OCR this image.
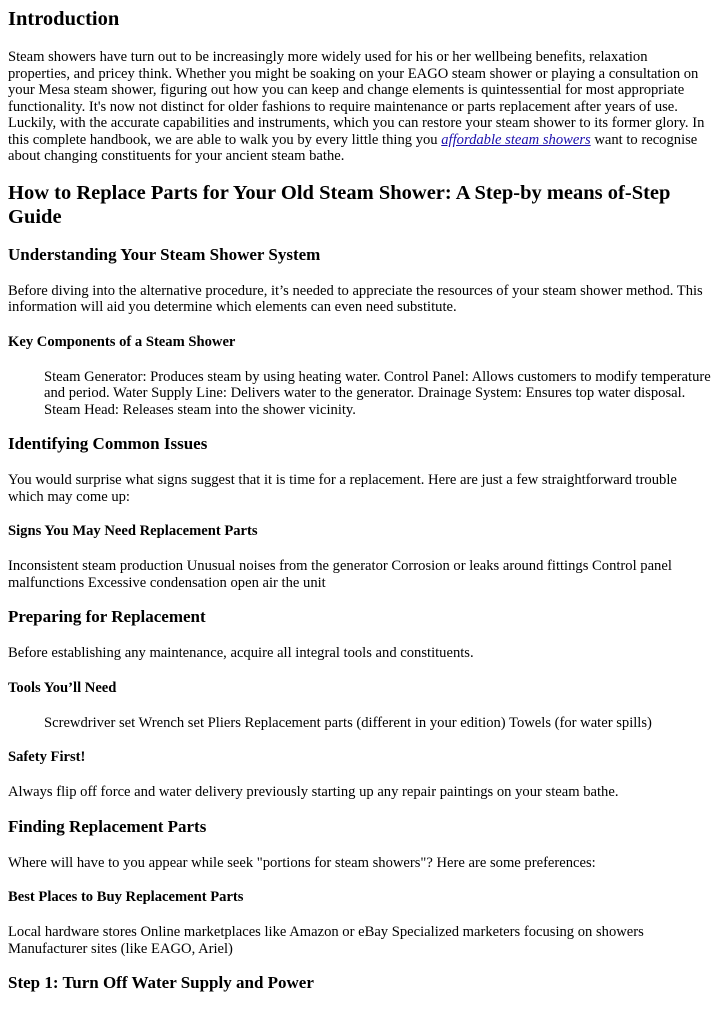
Introduction

Steam showers have turn out to be increasingly more widely used for his or her wellbeing benefits, relaxation properties, and pricey think. Whether you might be soaking on your EAGO steam shower or playing a consultation on your Mesa steam shower, figuring out how you can keep and change elements is quintessential for most appropriate functionality. It's now not distinct for older fashions to require maintenance or parts replacement after years of use. Luckily, with the accurate capabilities and instruments, which you can restore your steam shower to its former glory. In this complete handbook, we are able to walk you by every little thing you affordable steam showers want to recognise about changing constituents for your ancient steam bathe.

How to Replace Parts for Your Old Steam Shower: A Step-by means of-Step Guide
Understanding Your Steam Shower System

Before diving into the alternative procedure, it’s needed to appreciate the resources of your steam shower method. This information will aid you determine which elements can even need substitute.

Key Components of a Steam Shower
Steam Generator: Produces steam by using heating water. Control Panel: Allows customers to modify temperature and period. Water Supply Line: Delivers water to the generator. Drainage System: Ensures top water disposal. Steam Head: Releases steam into the shower vicinity.
Identifying Common Issues

You would surprise what signs suggest that it is time for a replacement. Here are just a few straightforward trouble which may come up:

Signs You May Need Replacement Parts

Inconsistent steam production Unusual noises from the generator Corrosion or leaks around fittings Control panel malfunctions Excessive condensation open air the unit

Preparing for Replacement

Before establishing any maintenance, acquire all integral tools and constituents.

Tools You’ll Need
Screwdriver set Wrench set Pliers Replacement parts (different in your edition) Towels (for water spills)
Safety First!

Always flip off force and water delivery previously starting up any repair paintings on your steam bathe.

Finding Replacement Parts

Where will have to you appear while seek "portions for steam showers"? Here are some preferences:

Best Places to Buy Replacement Parts

Local hardware stores Online marketplaces like Amazon or eBay Specialized marketers focusing on showers Manufacturer sites (like EAGO, Ariel)

Step 1: Turn Off Water Supply and Power
